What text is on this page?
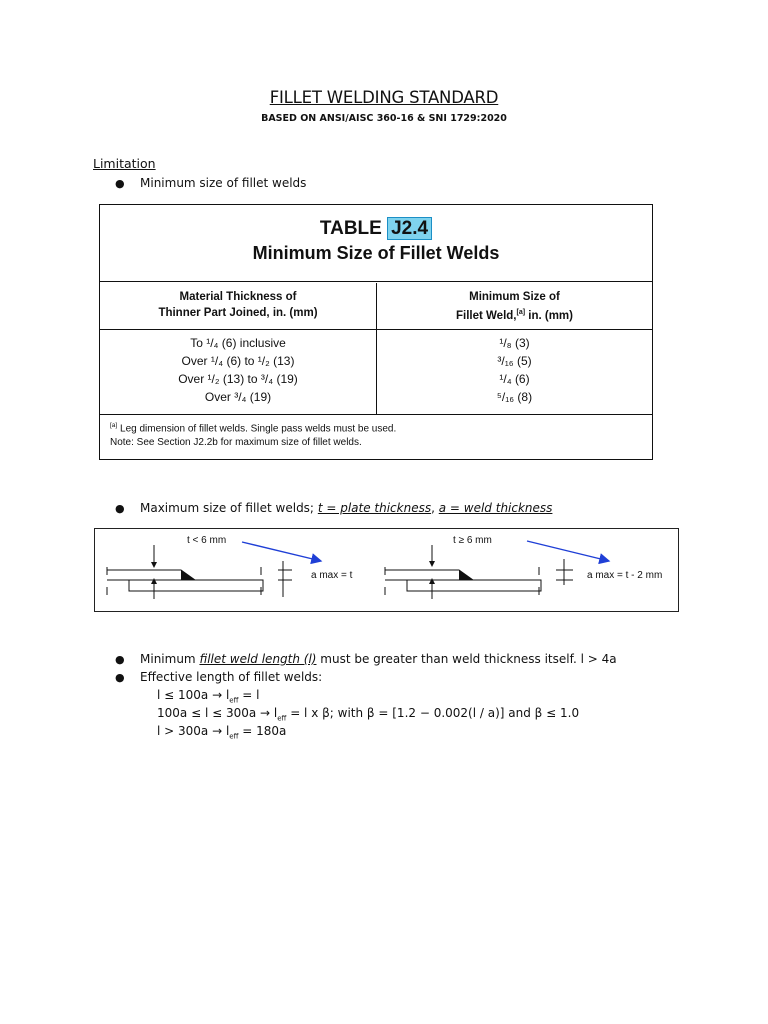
FILLET WELDING STANDARD
BASED ON ANSI/AISC 360-16 & SNI 1729:2020
Limitation
● Minimum size of fillet welds
TABLE J2.4
Minimum Size of Fillet Welds
Material Thickness of
Thinner Part Joined, in. (mm)
Minimum Size of
Fillet Weld,[a] in. (mm)
To ¹/₄ (6) inclusive
Over ¹/₄ (6) to ¹/₂ (13)
Over ¹/₂ (13) to ³/₄ (19)
Over ³/₄ (19)
¹/₈ (3)
³/₁₆ (5)
¹/₄ (6)
⁵/₁₆ (8)
[a] Leg dimension of fillet welds. Single pass welds must be used.
Note: See Section J2.2b for maximum size of fillet welds.
● Maximum size of fillet welds; t = plate thickness, a = weld thickness
t < 6 mm
a max = t
t ≥ 6 mm
a max = t - 2 mm
● Minimum fillet weld length (l) must be greater than weld thickness itself. l > 4a
● Effective length of fillet welds:
$l \le 100a \to l_{eff} = l$
$100a \le l \le 300a \to l_{eff} = l$ x β; with β = [1.2 − 0.002(l / a)] and β ≤ 1.0
$l > 300a \to l_{eff} = 180a$
